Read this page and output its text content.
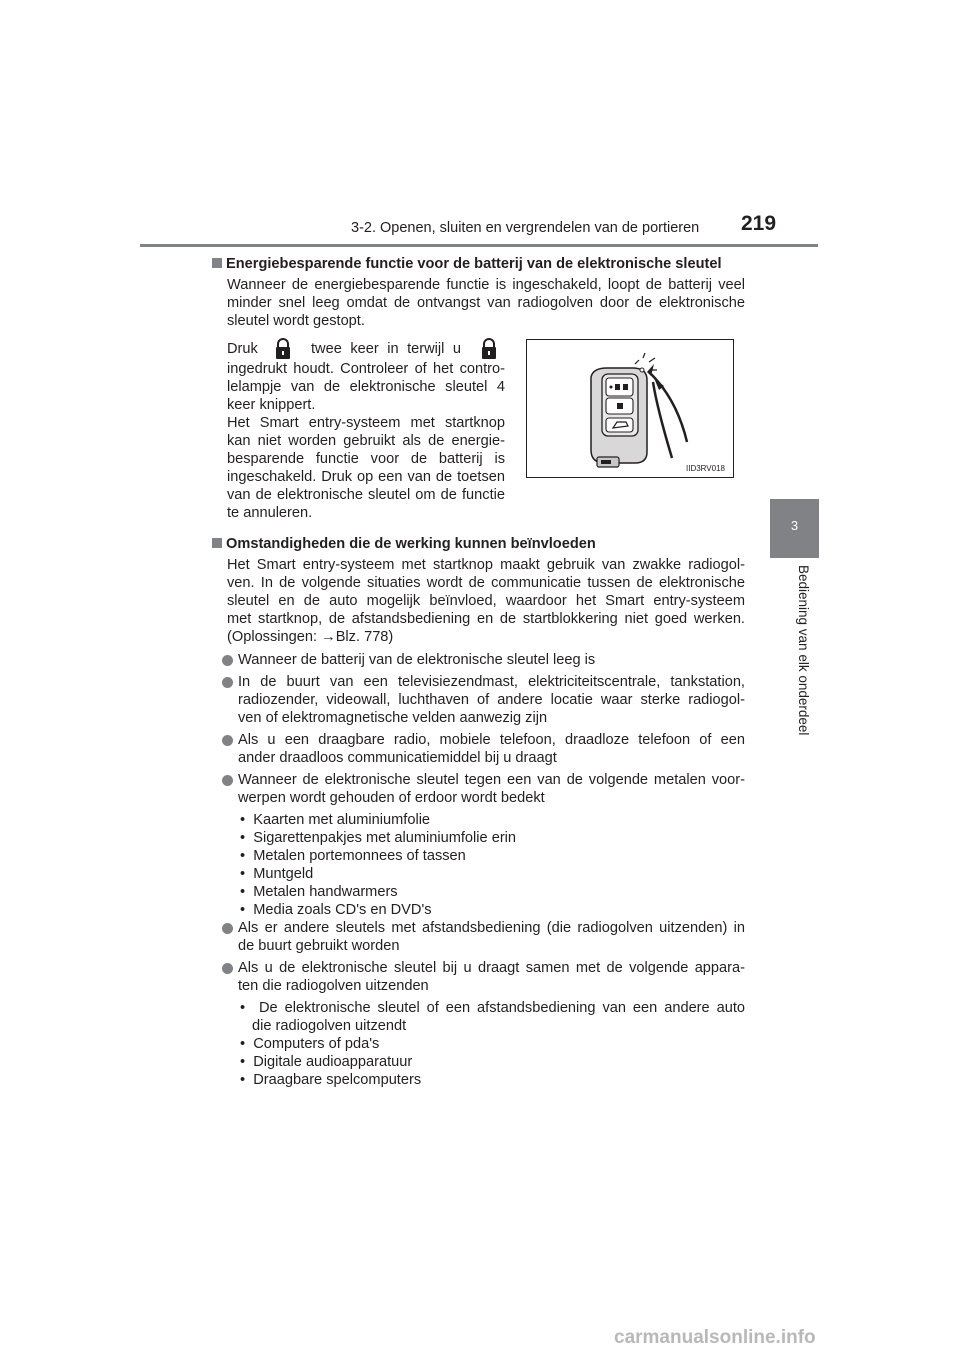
3-2. Openen, sluiten en vergrendelen van de portieren 219
3
Bediening van elk onderdeel
Energiebesparende functie voor de batterij van de elektronische sleutel
Wanneer de energiebesparende functie is ingeschakeld, loopt de batterij veel
minder snel leeg omdat de ontvangst van radiogolven door de elektronische
sleutel wordt gestopt.
Druk	twee keer in terwijl u
ingedrukt houdt. Controleer of het contro-
lelampje van de elektronische sleutel 4
keer knippert.
Het Smart entry-systeem met startknop
kan niet worden gebruikt als de energie-
besparende functie voor de batterij is
ingeschakeld. Druk op een van de toetsen
van de elektronische sleutel om de functie
te annuleren.
IID3RV018
Omstandigheden die de werking kunnen beïnvloeden
Het Smart entry-systeem met startknop maakt gebruik van zwakke radiogol-
ven. In de volgende situaties wordt de communicatie tussen de elektronische
sleutel en de auto mogelijk beïnvloed, waardoor het Smart entry-systeem
met startknop, de afstandsbediening en de startblokkering niet goed werken.
(Oplossingen: →Blz. 778)
Wanneer de batterij van de elektronische sleutel leeg is
In de buurt van een televisiezendmast, elektriciteitscentrale, tankstation,
radiozender, videowall, luchthaven of andere locatie waar sterke radiogol-
ven of elektromagnetische velden aanwezig zijn
Als u een draagbare radio, mobiele telefoon, draadloze telefoon of een
ander draadloos communicatiemiddel bij u draagt
Wanneer de elektronische sleutel tegen een van de volgende metalen voor-
werpen wordt gehouden of erdoor wordt bedekt
•  Kaarten met aluminiumfolie
•  Sigarettenpakjes met aluminiumfolie erin
•  Metalen portemonnees of tassen
•  Muntgeld
•  Metalen handwarmers
•  Media zoals CD's en DVD's
Als er andere sleutels met afstandsbediening (die radiogolven uitzenden) in
de buurt gebruikt worden
Als u de elektronische sleutel bij u draagt samen met de volgende appara-
ten die radiogolven uitzenden
•  De elektronische sleutel of een afstandsbediening van een andere auto
die radiogolven uitzendt
•  Computers of pda's
•  Digitale audioapparatuur
•  Draagbare spelcomputers
carmanualsonline.info
